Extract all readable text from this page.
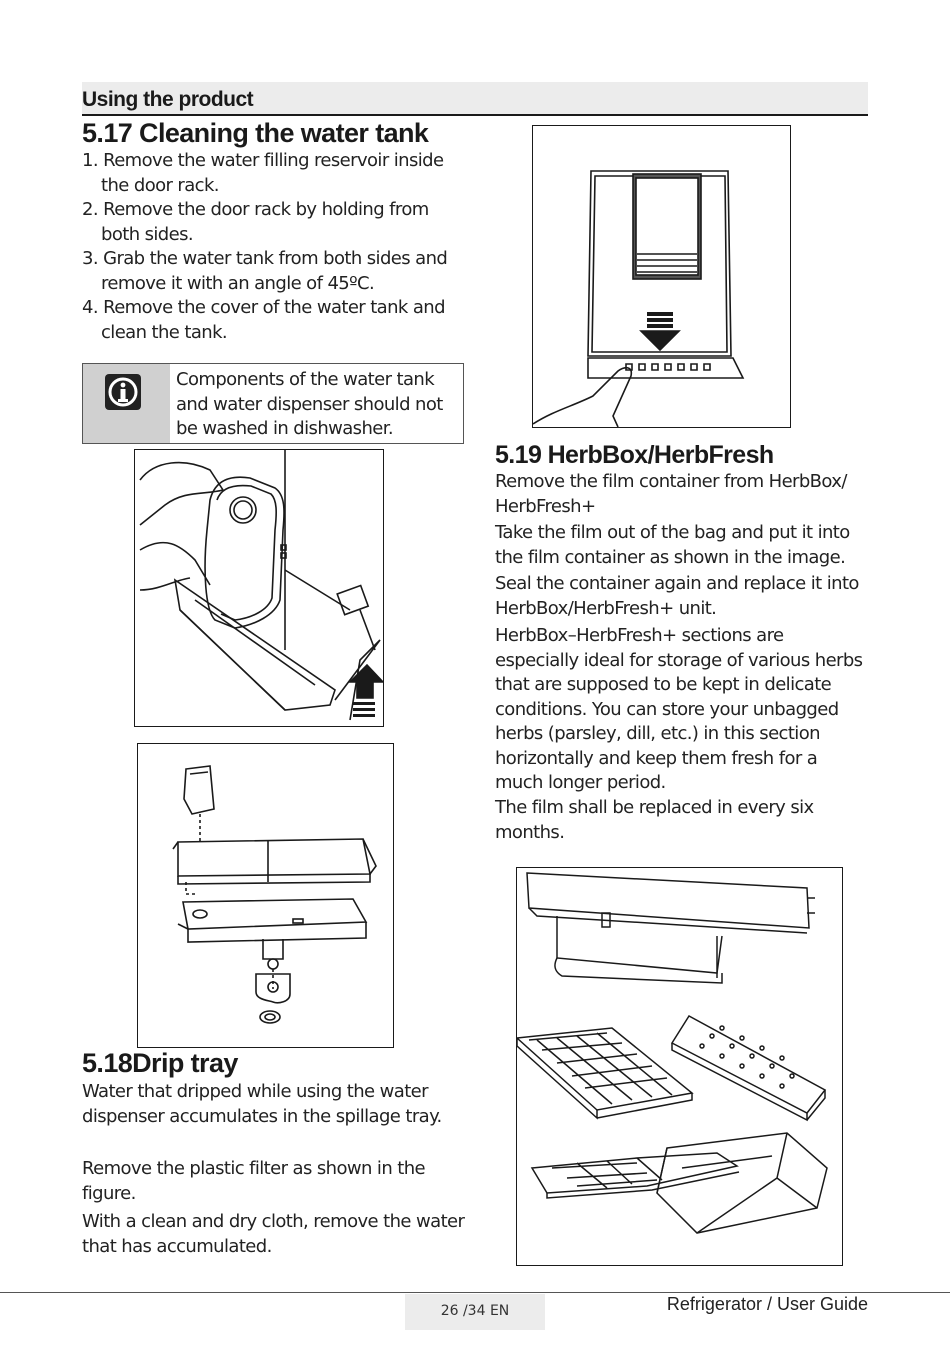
Using the product
5.17 Cleaning the water tank
1. Remove the water filling reservoir inside the door rack.
2. Remove the door rack by holding from both sides.
3. Grab the water tank from both sides and remove it with an angle of 45ºC.
4. Remove the cover of the water tank and clean the tank.
Components of the water tank and water dispenser should not be washed in dishwasher.
5.18Drip tray

Water that dripped while using the water dispenser accumulates in the spillage tray.

Remove the plastic filter as shown in the figure.

With a clean and dry cloth, remove the water that has accumulated.

5.19 HerbBox/HerbFresh

Remove the film container from HerbBox/ HerbFresh+

Take the film out of the bag and put it into the film container as shown in the image.

Seal the container again and replace it into HerbBox/HerbFresh+ unit.

HerbBox–HerbFresh+ sections are especially ideal for storage of various herbs that are supposed to be kept in delicate conditions. You can store your unbagged herbs (parsley, dill, etc.) in this section horizontally and keep them fresh for a much longer period.

The film shall be replaced in every six months.

26 /34 EN	Refrigerator / User Guide
